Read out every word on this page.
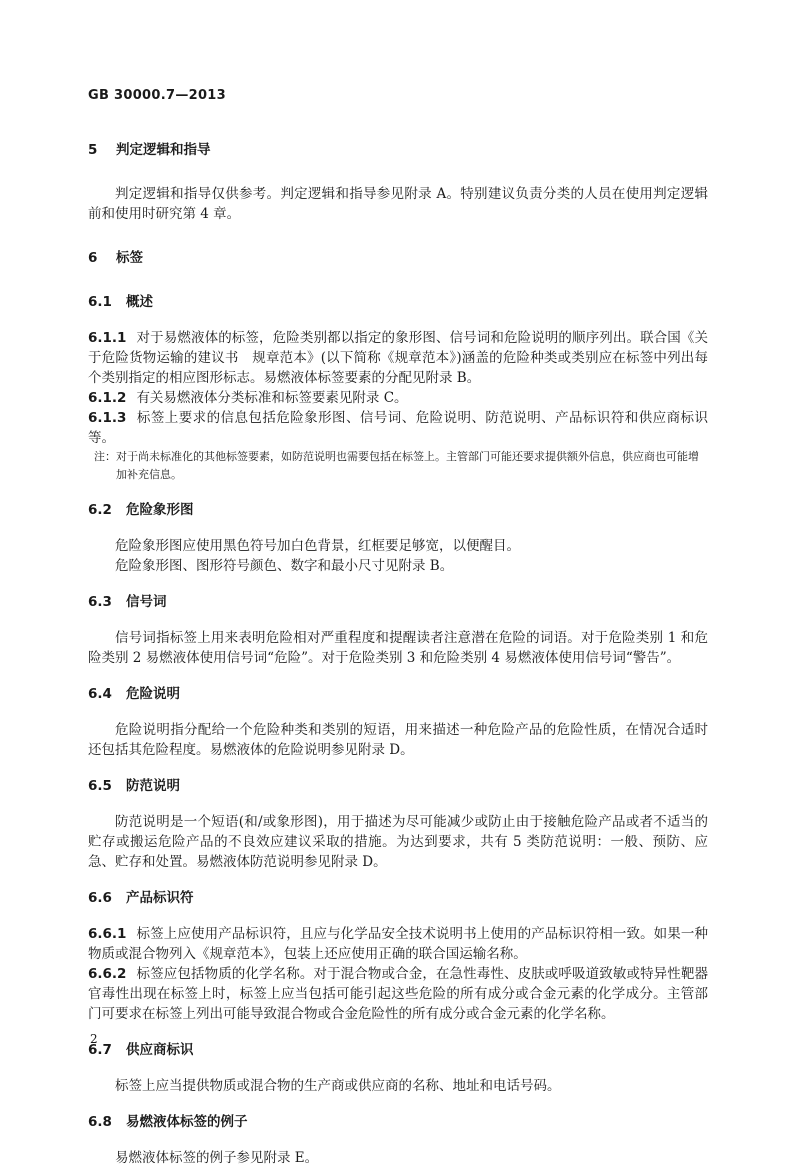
GB 30000.7—2013
5 判定逻辑和指导

判定逻辑和指导仅供参考。判定逻辑和指导参见附录 A。特别建议负责分类的人员在使用判定逻辑前和使用时研究第 4 章。

6 标签
6.1 概述

6.1.1 对于易燃液体的标签，危险类别都以指定的象形图、信号词和危险说明的顺序列出。联合国《关于危险货物运输的建议书　规章范本》(以下简称《规章范本》)涵盖的危险种类或类别应在标签中列出每个类别指定的相应图形标志。易燃液体标签要素的分配见附录 B。

6.1.2 有关易燃液体分类标准和标签要素见附录 C。

6.1.3 标签上要求的信息包括危险象形图、信号词、危险说明、防范说明、产品标识符和供应商标识等。

注：对于尚未标准化的其他标签要素，如防范说明也需要包括在标签上。主管部门可能还要求提供额外信息，供应商也可能增加补充信息。

6.2 危险象形图

危险象形图应使用黑色符号加白色背景，红框要足够宽，以便醒目。

危险象形图、图形符号颜色、数字和最小尺寸见附录 B。

6.3 信号词

信号词指标签上用来表明危险相对严重程度和提醒读者注意潜在危险的词语。对于危险类别 1 和危险类别 2 易燃液体使用信号词“危险”。对于危险类别 3 和危险类别 4 易燃液体使用信号词“警告”。

6.4 危险说明

危险说明指分配给一个危险种类和类别的短语，用来描述一种危险产品的危险性质，在情况合适时还包括其危险程度。易燃液体的危险说明参见附录 D。

6.5 防范说明

防范说明是一个短语(和/或象形图)，用于描述为尽可能减少或防止由于接触危险产品或者不适当的贮存或搬运危险产品的不良效应建议采取的措施。为达到要求，共有 5 类防范说明：一般、预防、应急、贮存和处置。易燃液体防范说明参见附录 D。

6.6 产品标识符

6.6.1 标签上应使用产品标识符，且应与化学品安全技术说明书上使用的产品标识符相一致。如果一种物质或混合物列入《规章范本》，包装上还应使用正确的联合国运输名称。

6.6.2 标签应包括物质的化学名称。对于混合物或合金，在急性毒性、皮肤或呼吸道致敏或特异性靶器官毒性出现在标签上时，标签上应当包括可能引起这些危险的所有成分或合金元素的化学成分。主管部门可要求在标签上列出可能导致混合物或合金危险性的所有成分或合金元素的化学名称。

6.7 供应商标识

标签上应当提供物质或混合物的生产商或供应商的名称、地址和电话号码。

6.8 易燃液体标签的例子

易燃液体标签的例子参见附录 E。

2
